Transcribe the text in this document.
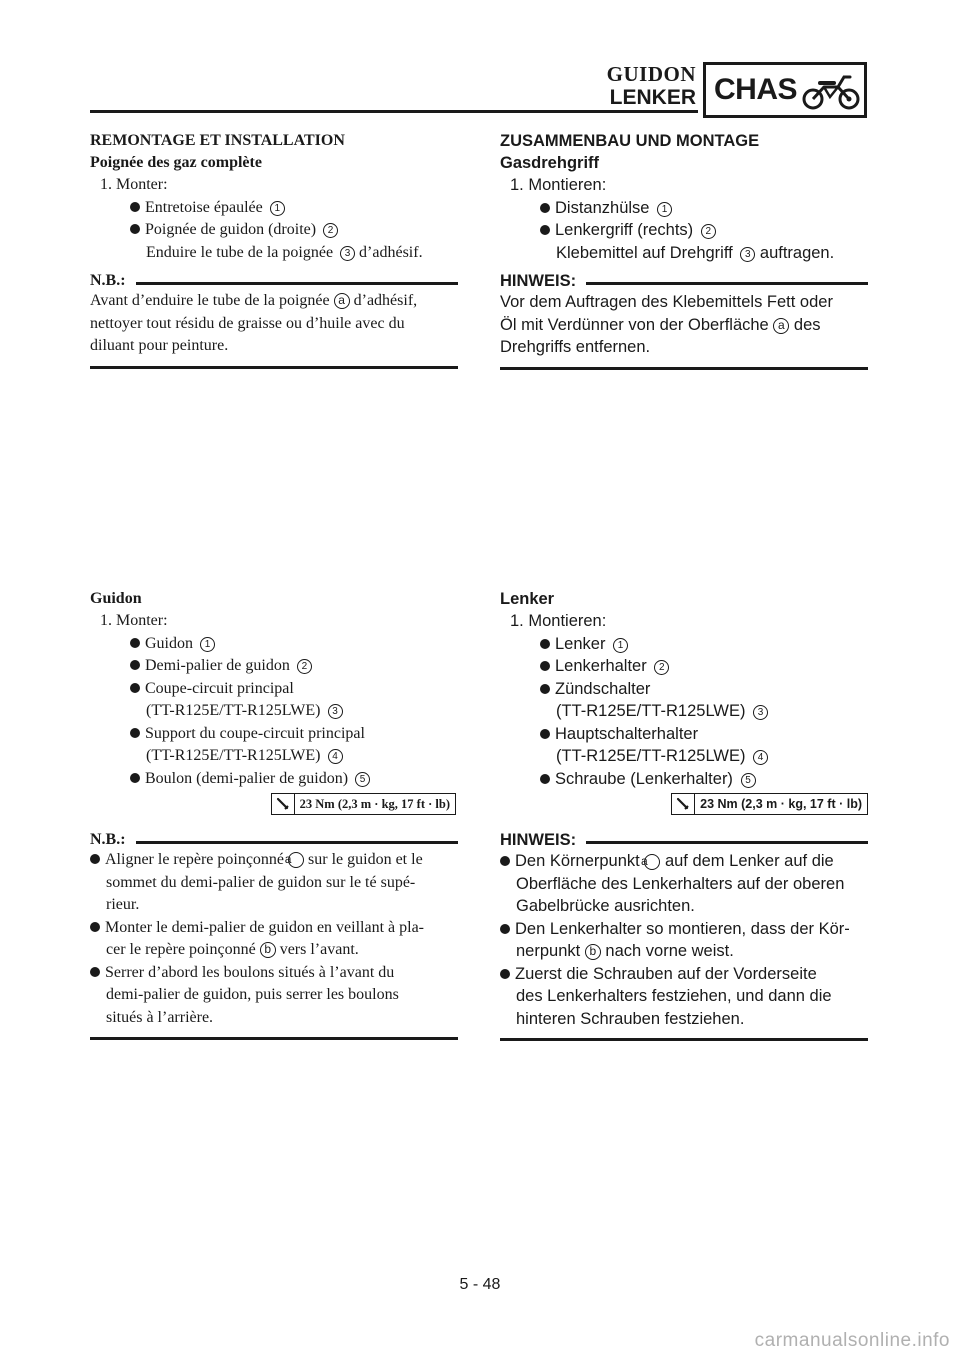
GUIDON
LENKER CHAS

REMONTAGE ET INSTALLATION

Poignée des gaz complète

1. Monter:
Entretoise épaulée 1
Poignée de guidon (droite) 2
Enduire le tube de la poignée 3 d’adhésif.
N.B.:
Avant d’enduire le tube de la poignée a d’adhésif,
nettoyer tout résidu de graisse ou d’huile avec du
diluant pour peinture.

ZUSAMMENBAU UND MONTAGE

Gasdrehgriff

1. Montieren:
Distanzhülse 1
Lenkergriff (rechts) 2
Klebemittel auf Drehgriff 3 auftragen.
HINWEIS:
Vor dem Auftragen des Klebemittels Fett oder
Öl mit Verdünner von der Oberfläche a des
Drehgriffs entfernen.

Guidon

1. Monter:
Guidon 1
Demi-palier de guidon 2
Coupe-circuit principal
(TT-R125E/TT-R125LWE) 3
Support du coupe-circuit principal
(TT-R125E/TT-R125LWE) 4
Boulon (demi-palier de guidon) 5
23 Nm (2,3 m · kg, 17 ft · lb)
N.B.:
Aligner le repère poinçonné a sur le guidon et le
sommet du demi-palier de guidon sur le té supé-
rieur.
Monter le demi-palier de guidon en veillant à pla-
cer le repère poinçonné b vers l’avant.
Serrer d’abord les boulons situés à l’avant du
demi-palier de guidon, puis serrer les boulons
situés à l’arrière.

Lenker

1. Montieren:
Lenker 1
Lenkerhalter 2
Zündschalter
(TT-R125E/TT-R125LWE) 3
Hauptschalterhalter
(TT-R125E/TT-R125LWE) 4
Schraube (Lenkerhalter) 5
23 Nm (2,3 m · kg, 17 ft · lb)
HINWEIS:
Den Körnerpunkt a auf dem Lenker auf die
Oberfläche des Lenkerhalters auf der oberen
Gabelbrücke ausrichten.
Den Lenkerhalter so montieren, dass der Kör-
nerpunkt b nach vorne weist.
Zuerst die Schrauben auf der Vorderseite
des Lenkerhalters festziehen, und dann die
hinteren Schrauben festziehen.
5 - 48
carmanualsonline.info
